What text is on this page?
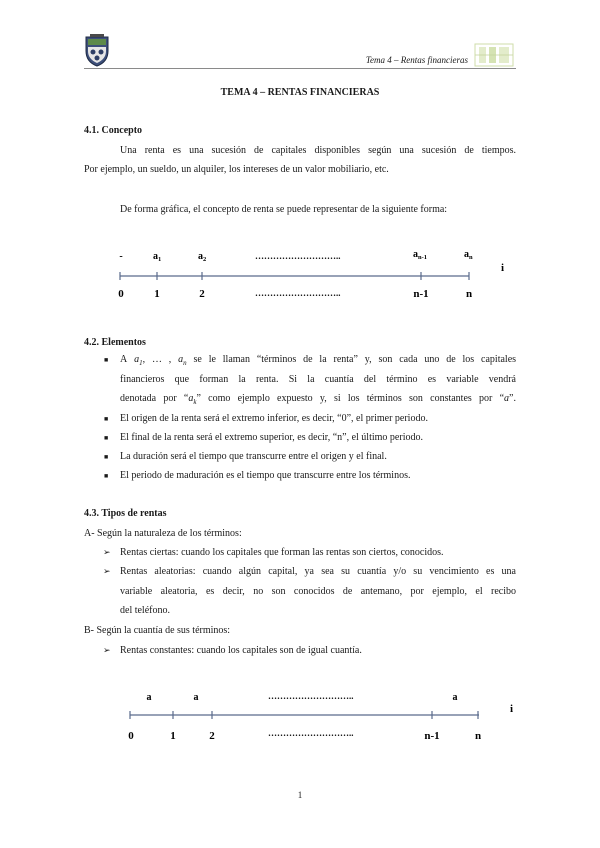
Tema 4 – Rentas financieras
TEMA 4 – RENTAS FINANCIERAS
4.1. Concepto
Una renta es una sucesión de capitales disponibles según una sucesión de tiempos.
Por ejemplo, un sueldo, un alquiler, los intereses de un valor mobiliario, etc.
De forma gráfica, el concepto de renta se puede representar de la siguiente forma:
-	$a_1$	$a_2$	………………………..	$a_{n-1}$	$a_n$
i
0	1	2	………………………..	n-1	n
4.2. Elementos
■ A $a_1$, … , $a_n$ se le llaman “términos de la renta” y, son cada uno de los capitales
financieros que forman la renta. Si la cuantía del término es variable vendrá
denotada por “$a_k$” como ejemplo expuesto y, si los términos son constantes por “a”.
■ El origen de la renta será el extremo inferior, es decir, “0”, el primer periodo.
■ El final de la renta será el extremo superior, es decir, “n”, el último periodo.
■ La duración será el tiempo que transcurre entre el origen y el final.
■ El periodo de maduración es el tiempo que transcurre entre los términos.
4.3. Tipos de rentas
A- Según la naturaleza de los términos:
➢ Rentas ciertas: cuando los capitales que forman las rentas son ciertos, conocidos.
➢ Rentas aleatorias: cuando algún capital, ya sea su cuantía y/o su vencimiento es una
variable aleatoria, es decir, no son conocidos de antemano, por ejemplo, el recibo
del teléfono.
B- Según la cuantía de sus términos:
➢ Rentas constantes: cuando los capitales son de igual cuantía.
a	a	………………………..	a
i
0	1	2	………………………..	n-1	n
1
